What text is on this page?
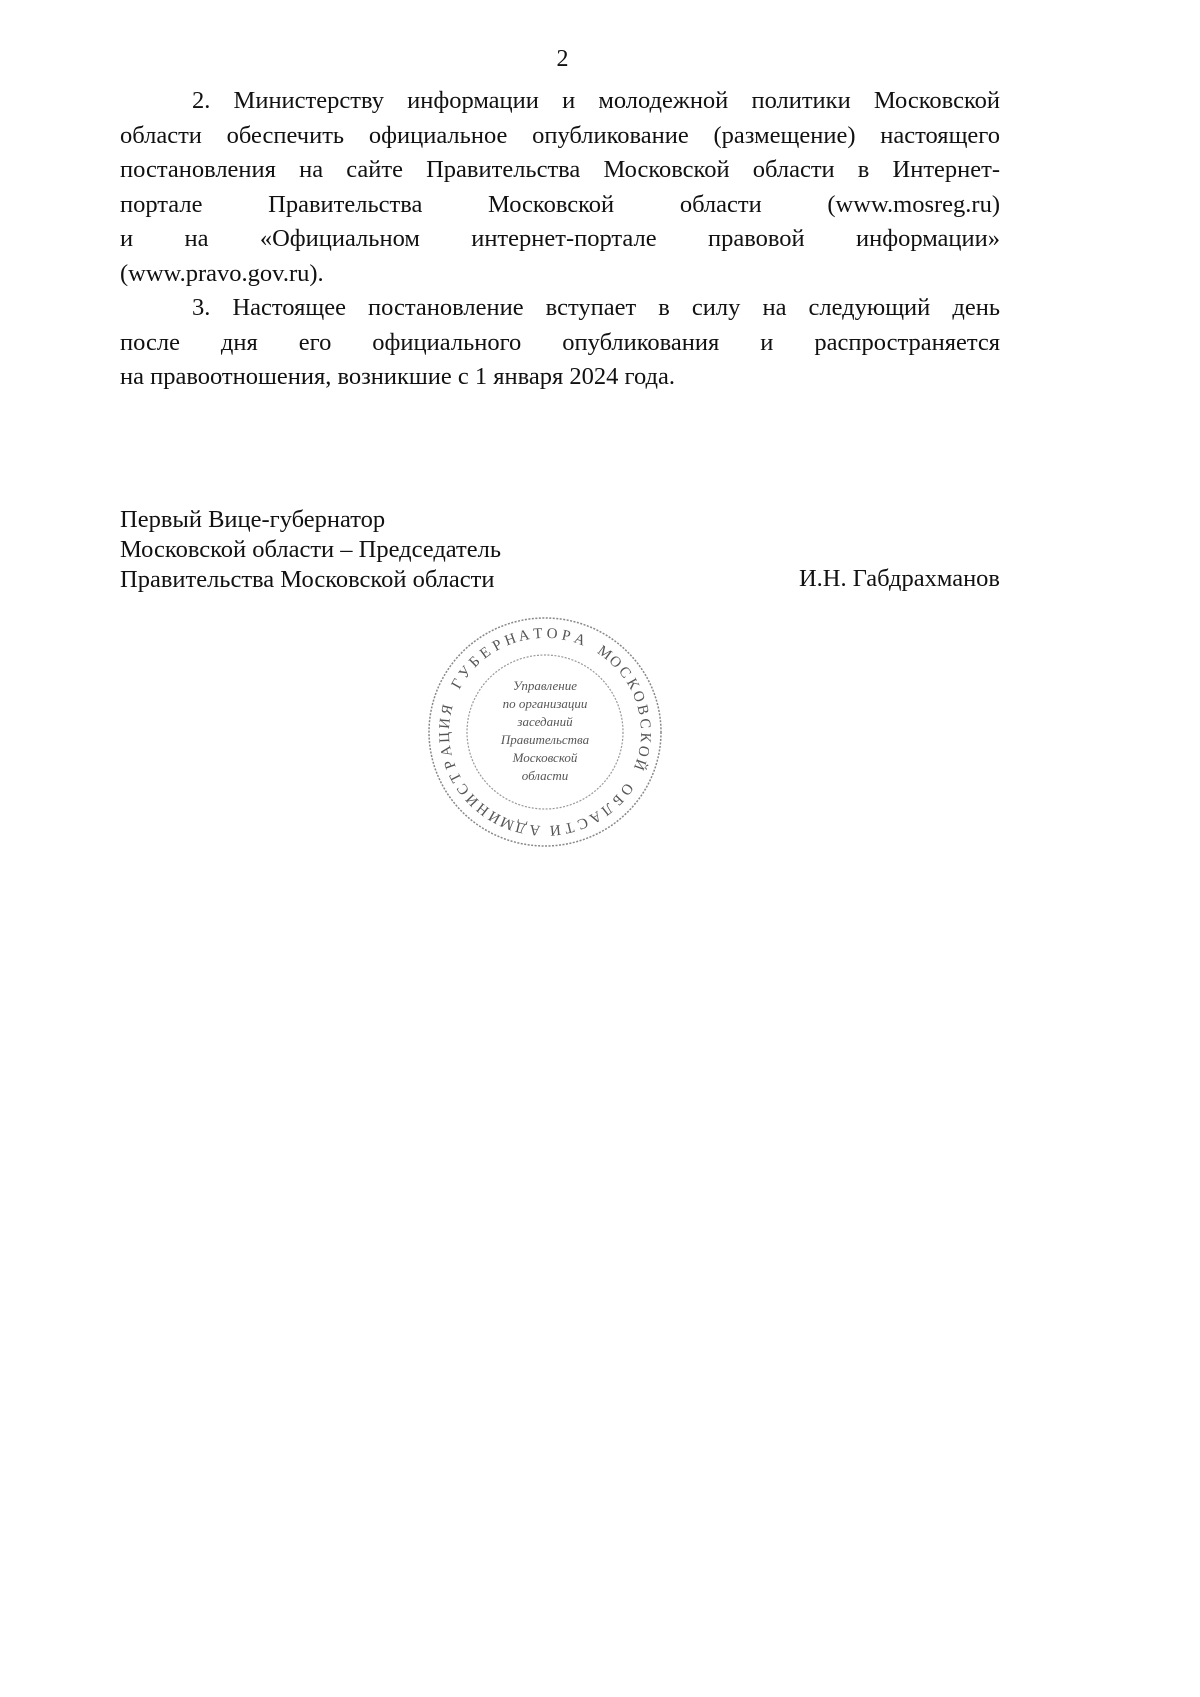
2
2. Министерству информации и молодежной политики Московской
области обеспечить официальное опубликование (размещение) настоящего
постановления на сайте Правительства Московской области в Интернет-
портале Правительства Московской области (www.mosreg.ru)
и на «Официальном интернет-портале правовой информации»
(www.pravo.gov.ru).
3. Настоящее постановление вступает в силу на следующий день
после дня его официального опубликования и распространяется
на правоотношения, возникшие с 1 января 2024 года.
Первый Вице-губернатор
Московской области – Председатель
Правительства Московской области	И.Н. Габдрахманов
А
Д
М
И
Н
И
С
Т
Р
А
Ц
И
Я
Г
У
Б
Е
Р
Н
А Т О Р А
М
О
С
К
О
В
С
К
О
Й
О
Б
Л
А
С
Т
И
Управление
по организации
заседаний
Правительства
Московской
области
